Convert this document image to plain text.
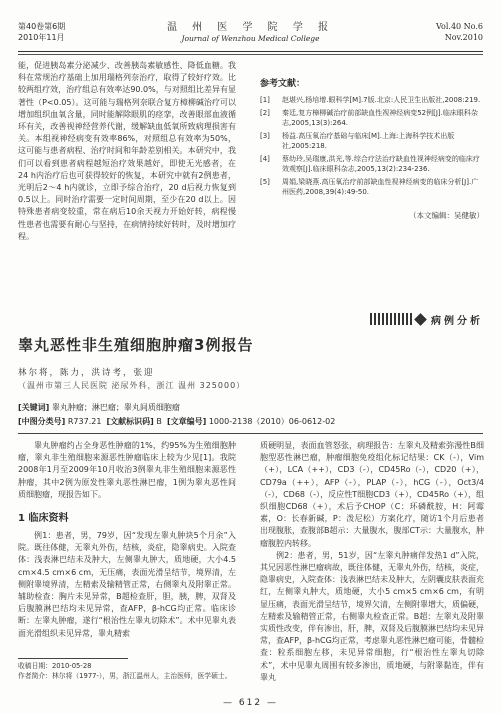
第40卷第6期
2010年11月
温 州 医 学 院 学 报
Journal of Wenzhou Medical College
Vol.40 No.6
Nov.2010

能，促进胰岛素分泌减少、改善胰岛素敏感性、降低血糖。我科在常规治疗基础上加用瑞格列奈治疗，取得了较好疗效。比较两组疗效，治疗组总有效率达90.0%，与对照组比差异有显著性（P<0.05）。这可能与瑞格列奈联合复方樟柳碱治疗可以增加组织血氧含量，同时能解除眼肌的痉挛，改善眼部血液循环有关，改善视神经营养代谢，缓解缺血低氧所致病理损害有关。本组视神经病变有效率86%，对照组总有效率为50%，这可能与患者病程、治疗时间和年龄差别相关。本研究中，我们可以看到患者病程越短治疗效果越好，即使无光感者，在24 h内治疗后也可获得较好的恢复，本研究中就有2例患者，光明后2～4 h内就诊，立即予综合治疗，20 d后视力恢复到0.5以上。同时治疗需要一定时间周期，至少在20 d以上。因特殊患者病变较重，常在病后10余天视力开始好转，病程慢性患者也需要有耐心与坚持，在病情持续好转时，及时增加疗程。

参考文献：
[1]	赵堪兴,杨培增.眼科学[M].7版.北京:人民卫生出版社,2008:219.
[2]	秦廷,复方樟柳碱治疗前部缺血性视神经病变52例[J].临床眼科杂志,2005,13(3):264.
[3]	杨益.高压氧治疗基础与临床[M].上海:上海科学技术出版社,2005:218.
[4]	蔡幼玲,吴瑞康,洪光,等.综合疗法治疗缺血性视神经病变的临床疗效观察[J].临床眼科杂志,2005,13(2):234-236.
[5]	周娟,梁晓燕.高压氧治疗前部缺血性视神经病变的临床分析[J].广州医药,2008,39(4):49-50.
（本文编辑：吴健敏）
病例分析
睾丸恶性非生殖细胞肿瘤3例报告
林尔将，陈力，洪诗考，张迎
（温州市第三人民医院 泌尿外科，浙江 温州 325000）
[关键词] 睾丸肿瘤；淋巴瘤；睾丸间质细胞瘤
[中图分类号] R737.21 [文献标识码] B [文章编号] 1000-2138（2010）06-0612-02

睾丸肿瘤约占全身恶性肿瘤的1%，约95%为生殖细胞肿瘤，睾丸非生殖细胞来源恶性肿瘤临床上较为少见[1]。我院2008年1月至2009年10月收治3例睾丸非生殖细胞来源恶性肿瘤，其中2例为原发性睾丸恶性淋巴瘤，1例为睾丸恶性间质细胞瘤，现报告如下。

1 临床资料

例1：患者，男，79岁，因“发现左睾丸肿块5个月余”入院。既往体健，无睾丸外伤，结核，炎症，隐睾病史。入院查体：浅表淋巴结未及肿大，左侧睾丸肿大，质地硬，大小4.5 cm×4.5 cm×6 cm，无压痛，表面光滑呈结节，境界清，左侧附睾境界清，左精索及输精管正常，右侧睾丸及附睾正常。辅助检查：胸片未见异常，B超检查肝，胆，胰，脾，双肾及后腹膜淋巴结均未见异常，查AFP，β-hCG均正常。临床诊断：左睾丸肿瘤，遂行“根治性左睾丸切除术”。术中见睾丸表面光滑组织未见异常，睾丸精索

质硬明显，表面血管怒张，病理报告：左睾丸及精索弥漫性B细胞型恶性淋巴瘤，肿瘤细胞免疫组化标记结果：CK（-），Vim（+），LCA（++），CD3（-），CD45Ro（-），CD20（+），CD79a（++），AFP（-），PLAP（-），hCG（-），Oct3/4（-），CD68（-），反应性T细胞CD3（+），CD45Ro（+），组织细胞CD68（+），术后予CHOP（C：环磷酰胺，H：阿霉素，O：长春新碱，P：泼尼松）方案化疗，随访1个月后患者出现腹胀，查腹部B超示：大量腹水，腹部CT示：大量腹水，肿瘤腹腔内转移。

例2：患者，男，51岁，因“左睾丸肿痛伴发热1 d”入院，其兄因恶性淋巴瘤病故，既往体健，无睾丸外伤，结核，炎症，隐睾病史，入院查体：浅表淋巴结未及肿大，左阴囊皮肤表面充红，左侧睾丸肿大，质地硬，大小5 cm×5 cm×6 cm，有明显压痛，表面光滑呈结节，境界欠清，左侧附睾增大，质偏硬，左精索及输精管正常，右侧睾丸检查正常。B超：左睾丸及附睾实质性改变，伴有渗出，肝，脾，双肾及后腹膜淋巴结均未见异常，查AFP，β-hCG均正常，考虑睾丸恶性淋巴瘤可能，骨髓检查：粒系细胞左移，未见异常细胞，行“根治性左睾丸切除术”，术中见睾丸周围有较多渗出，质地硬，与附睾黏连，伴有睾丸

收稿日期：2010-05-28
作者简介：林尔将（1977-），男，浙江温州人，主治医师，医学硕士。
— 612 —
